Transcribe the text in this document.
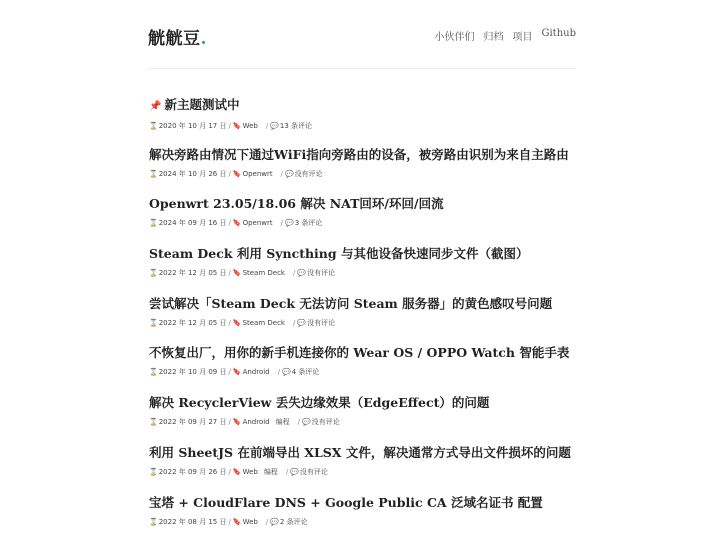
觥觥豆.	小伙伴们 归档 项目 Github
📌 新主题测试中
⌛2020 年 10 月 17 日 / 🔖Web / 💬13 条评论
解决旁路由情况下通过WiFi指向旁路由的设备，被旁路由识别为来自主路由
⌛2024 年 10 月 26 日 / 🔖Openwrt / 💬没有评论
Openwrt 23.05/18.06 解决 NAT回环/环回/回流
⌛2024 年 09 月 16 日 / 🔖Openwrt / 💬3 条评论
Steam Deck 利用 Syncthing 与其他设备快速同步文件（截图）
⌛2022 年 12 月 05 日 / 🔖Steam Deck / 💬没有评论
尝试解决「Steam Deck 无法访问 Steam 服务器」的黄色感叹号问题
⌛2022 年 12 月 05 日 / 🔖Steam Deck / 💬没有评论
不恢复出厂，用你的新手机连接你的 Wear OS / OPPO Watch 智能手表
⌛2022 年 10 月 09 日 / 🔖Android / 💬4 条评论
解决 RecyclerView 丢失边缘效果（EdgeEffect）的问题
⌛2022 年 09 月 27 日 / 🔖Android 编程 / 💬没有评论
利用 SheetJS 在前端导出 XLSX 文件，解决通常方式导出文件损坏的问题
⌛2022 年 09 月 26 日 / 🔖Web 编程 / 💬没有评论
宝塔 + CloudFlare DNS + Google Public CA 泛域名证书 配置
⌛2022 年 08 月 15 日 / 🔖Web / 💬2 条评论
